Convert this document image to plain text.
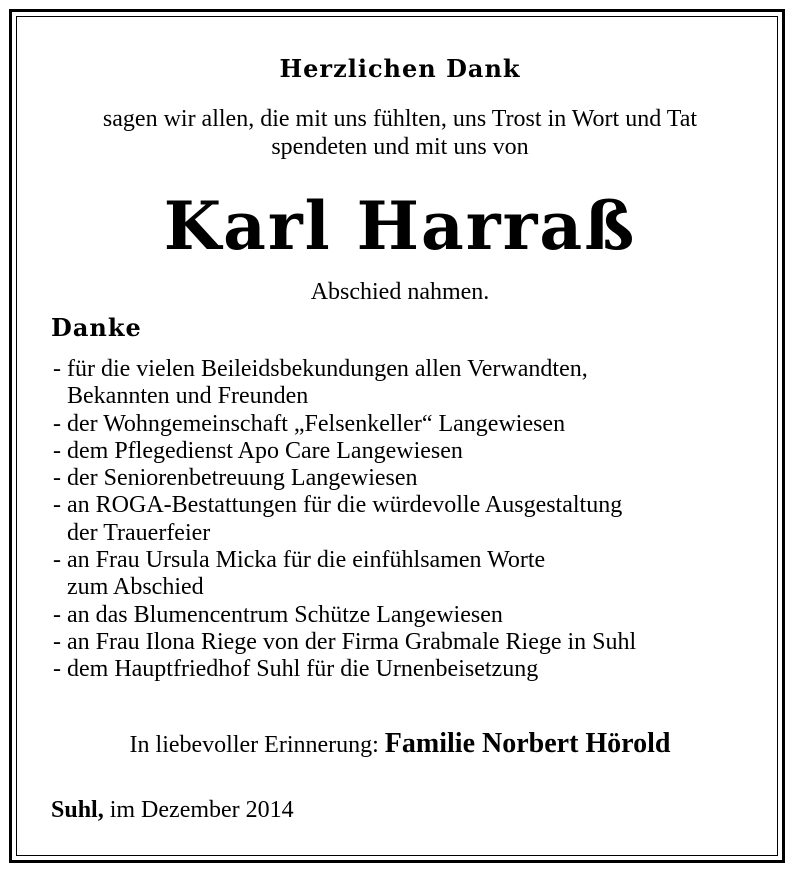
Herzlichen Dank
sagen wir allen, die mit uns fühlten, uns Trost in Wort und Tat
spendeten und mit uns von
Karl Harraß
Abschied nahmen.
Danke
- für die vielen Beileidsbekundungen allen Verwandten,
Bekannten und Freunden
- der Wohngemeinschaft „Felsenkeller“ Langewiesen
- dem Pflegedienst Apo Care Langewiesen
- der Seniorenbetreuung Langewiesen
- an ROGA-Bestattungen für die würdevolle Ausgestaltung
der Trauerfeier
- an Frau Ursula Micka für die einfühlsamen Worte
zum Abschied
- an das Blumencentrum Schütze Langewiesen
- an Frau Ilona Riege von der Firma Grabmale Riege in Suhl
- dem Hauptfriedhof Suhl für die Urnenbeisetzung
In liebevoller Erinnerung: Familie Norbert Hörold
Suhl, im Dezember 2014
